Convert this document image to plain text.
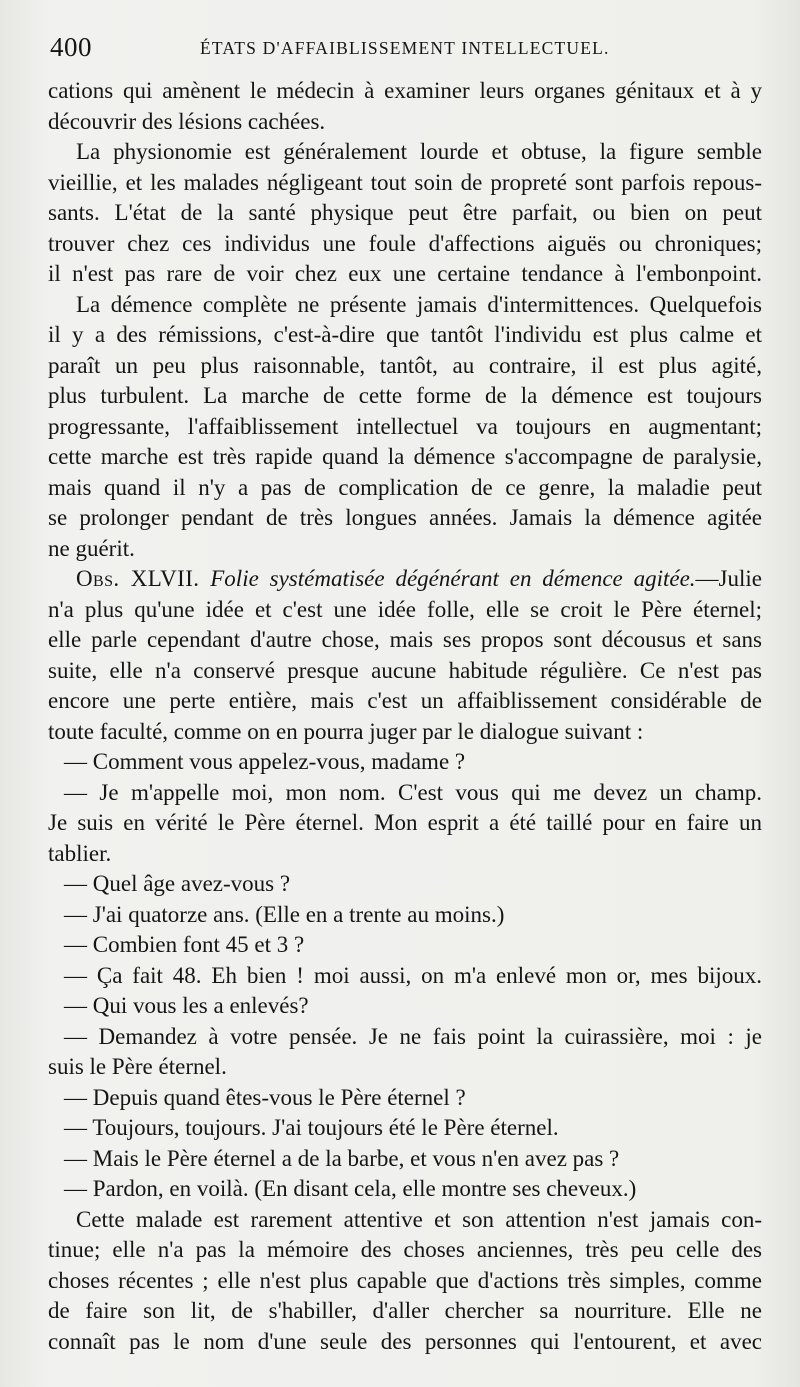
400	ÉTATS D'AFFAIBLISSEMENT INTELLECTUEL.
cations qui amènent le médecin à examiner leurs organes génitaux et à y
découvrir des lésions cachées.
La physionomie est généralement lourde et obtuse, la figure semble
vieillie, et les malades négligeant tout soin de propreté sont parfois repous-
sants. L'état de la santé physique peut être parfait, ou bien on peut
trouver chez ces individus une foule d'affections aiguës ou chroniques;
il n'est pas rare de voir chez eux une certaine tendance à l'embonpoint.
La démence complète ne présente jamais d'intermittences. Quelquefois
il y a des rémissions, c'est-à-dire que tantôt l'individu est plus calme et
paraît un peu plus raisonnable, tantôt, au contraire, il est plus agité,
plus turbulent. La marche de cette forme de la démence est toujours
progressante, l'affaiblissement intellectuel va toujours en augmentant;
cette marche est très rapide quand la démence s'accompagne de paralysie,
mais quand il n'y a pas de complication de ce genre, la maladie peut
se prolonger pendant de très longues années. Jamais la démence agitée
ne guérit.
Obs. XLVII. Folie systématisée dégénérant en démence agitée.—Julie
n'a plus qu'une idée et c'est une idée folle, elle se croit le Père éternel;
elle parle cependant d'autre chose, mais ses propos sont décousus et sans
suite, elle n'a conservé presque aucune habitude régulière. Ce n'est pas
encore une perte entière, mais c'est un affaiblissement considérable de
toute faculté, comme on en pourra juger par le dialogue suivant :
— Comment vous appelez-vous, madame ?
— Je m'appelle moi, mon nom. C'est vous qui me devez un champ.
Je suis en vérité le Père éternel. Mon esprit a été taillé pour en faire un
tablier.
— Quel âge avez-vous ?
— J'ai quatorze ans. (Elle en a trente au moins.)
— Combien font 45 et 3 ?
— Ça fait 48. Eh bien ! moi aussi, on m'a enlevé mon or, mes bijoux.
— Qui vous les a enlevés?
— Demandez à votre pensée. Je ne fais point la cuirassière, moi : je
suis le Père éternel.
— Depuis quand êtes-vous le Père éternel ?
— Toujours, toujours. J'ai toujours été le Père éternel.
— Mais le Père éternel a de la barbe, et vous n'en avez pas ?
— Pardon, en voilà. (En disant cela, elle montre ses cheveux.)
Cette malade est rarement attentive et son attention n'est jamais con-
tinue; elle n'a pas la mémoire des choses anciennes, très peu celle des
choses récentes ; elle n'est plus capable que d'actions très simples, comme
de faire son lit, de s'habiller, d'aller chercher sa nourriture. Elle ne
connaît pas le nom d'une seule des personnes qui l'entourent, et avec
